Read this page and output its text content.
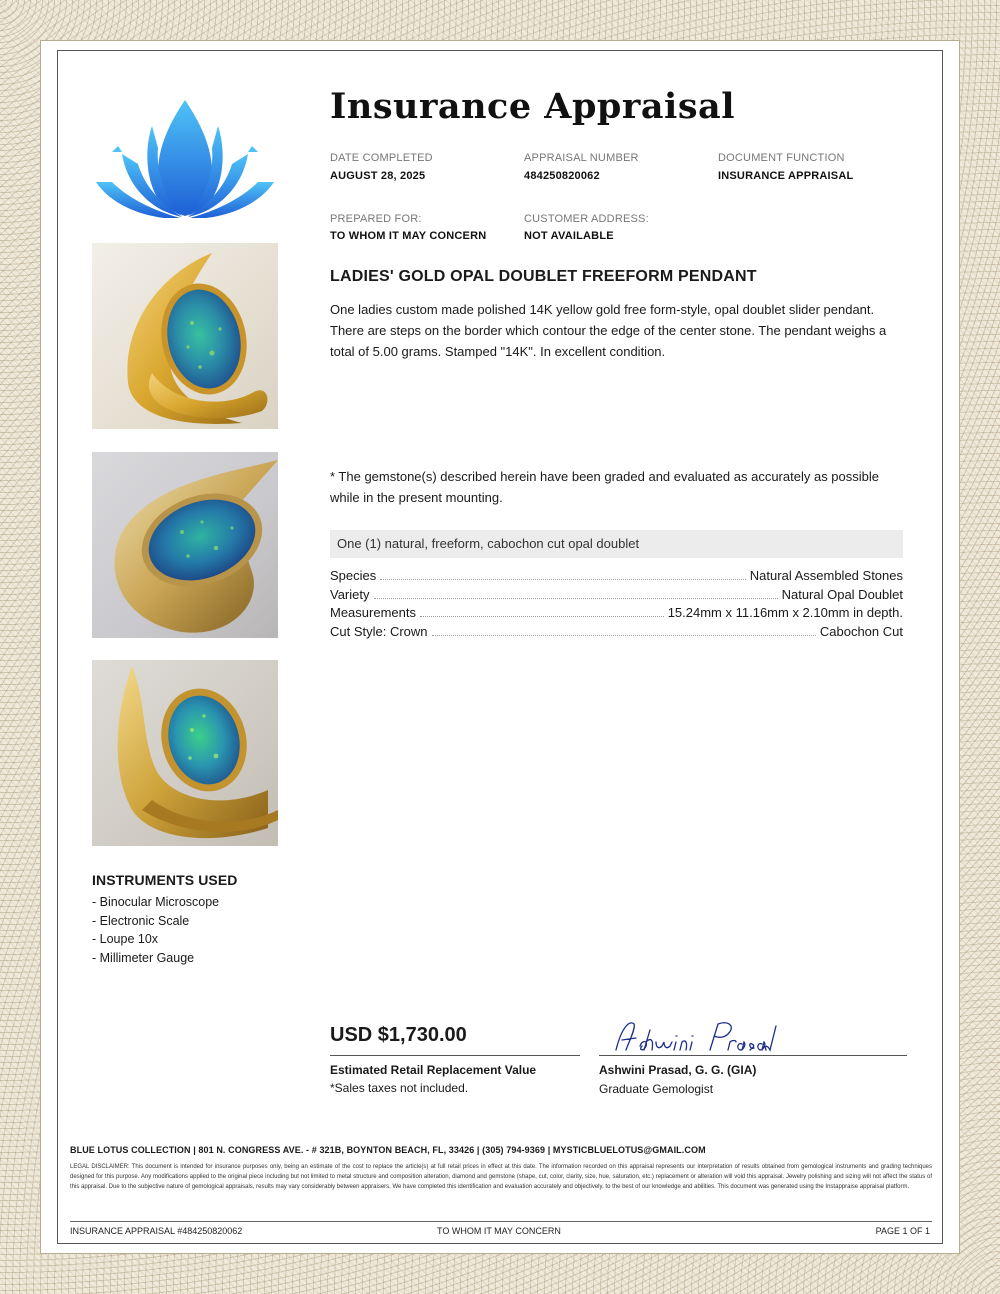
INSTRUMENTS USED
- Binocular Microscope
- Electronic Scale
- Loupe 10x
- Millimeter Gauge
Insurance Appraisal
DATE COMPLETED
AUGUST 28, 2025
APPRAISAL NUMBER
484250820062
DOCUMENT FUNCTION
INSURANCE APPRAISAL
PREPARED FOR:
TO WHOM IT MAY CONCERN
CUSTOMER ADDRESS:
NOT AVAILABLE
LADIES' GOLD OPAL DOUBLET FREEFORM PENDANT
One ladies custom made polished 14K yellow gold free form-style, opal doublet slider pendant. There are steps on the border which contour the edge of the center stone. The pendant weighs a total of 5.00 grams. Stamped "14K". In excellent condition.
* The gemstone(s) described herein have been graded and evaluated as accurately as possible while in the present mounting.
One (1) natural, freeform, cabochon cut opal doublet
Species	Natural Assembled Stones
Variety	Natural Opal Doublet
Measurements	15.24mm x 11.16mm x 2.10mm in depth.
Cut Style: Crown	Cabochon Cut
USD $1,730.00
Estimated Retail Replacement Value
*Sales taxes not included.
Ashwini Prasad, G. G. (GIA)
Graduate Gemologist
BLUE LOTUS COLLECTION | 801 N. CONGRESS AVE. - # 321B, BOYNTON BEACH, FL, 33426 | (305) 794-9369 | MYSTICBLUELOTUS@GMAIL.COM
LEGAL DISCLAIMER: This document is intended for insurance purposes only, being an estimate of the cost to replace the article(s) at full retail prices in effect at this date. The information recorded on this appraisal represents our interpretation of results obtained from gemological instruments and grading techniques designed for this purpose. Any modifications applied to the original piece including but not limited to metal structure and composition alteration, diamond and gemstone (shape, cut, color, clarity, size, hue, saturation, etc.) replacement or alteration will void this appraisal. Jewelry polishing and sizing will not affect the status of this appraisal. Due to the subjective nature of gemological appraisals, results may vary considerably between appraisers. We have completed this identification and evaluation accurately and objectively, to the best of our knowledge and abilities. This document was generated using the Instappraise appraisal platform.
INSURANCE APPRAISAL #484250820062	TO WHOM IT MAY CONCERN	PAGE 1 OF 1
